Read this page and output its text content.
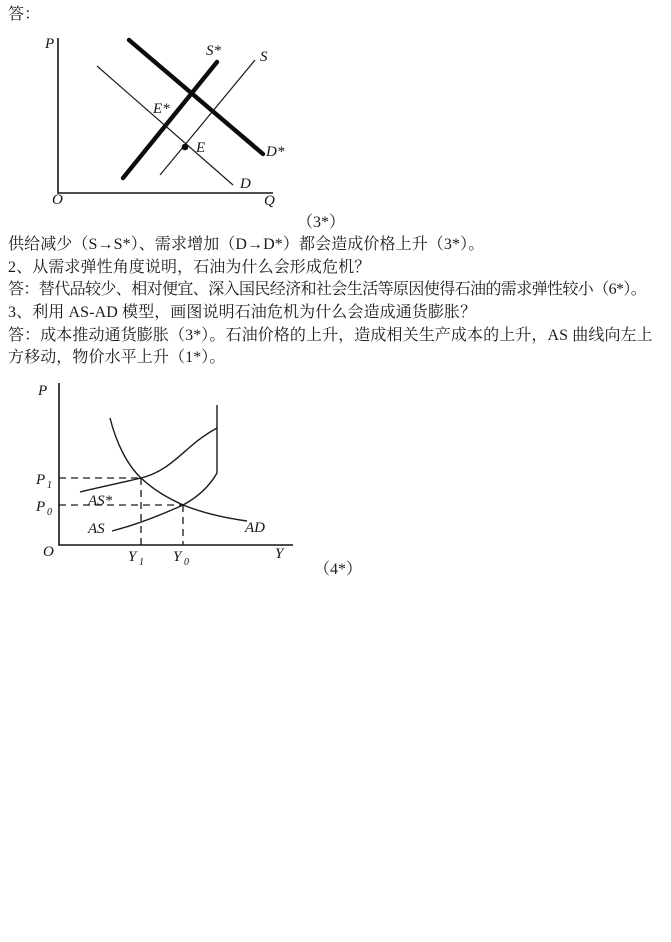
答：
P
O	Q
S*	S
D*
D
E
E*
（3*）
供给减少（S→S*）、需求增加（D→D*）都会造成价格上升（3*）。
2、从需求弹性角度说明，石油为什么会形成危机？
答：替代品较少、相对便宜、深入国民经济和社会生活等原因使得石油的需求弹性较小（6*）。
3、利用 AS-AD 模型，画图说明石油危机为什么会造成通货膨胀？
答：成本推动通货膨胀（3*）。石油价格的上升，造成相关生产成本的上升，AS 曲线向左上
方移动，物价水平上升（1*）。
P
P 1
P 0
O	Y 1 Y 0
Y
AS*
AS	AD
（4*）
